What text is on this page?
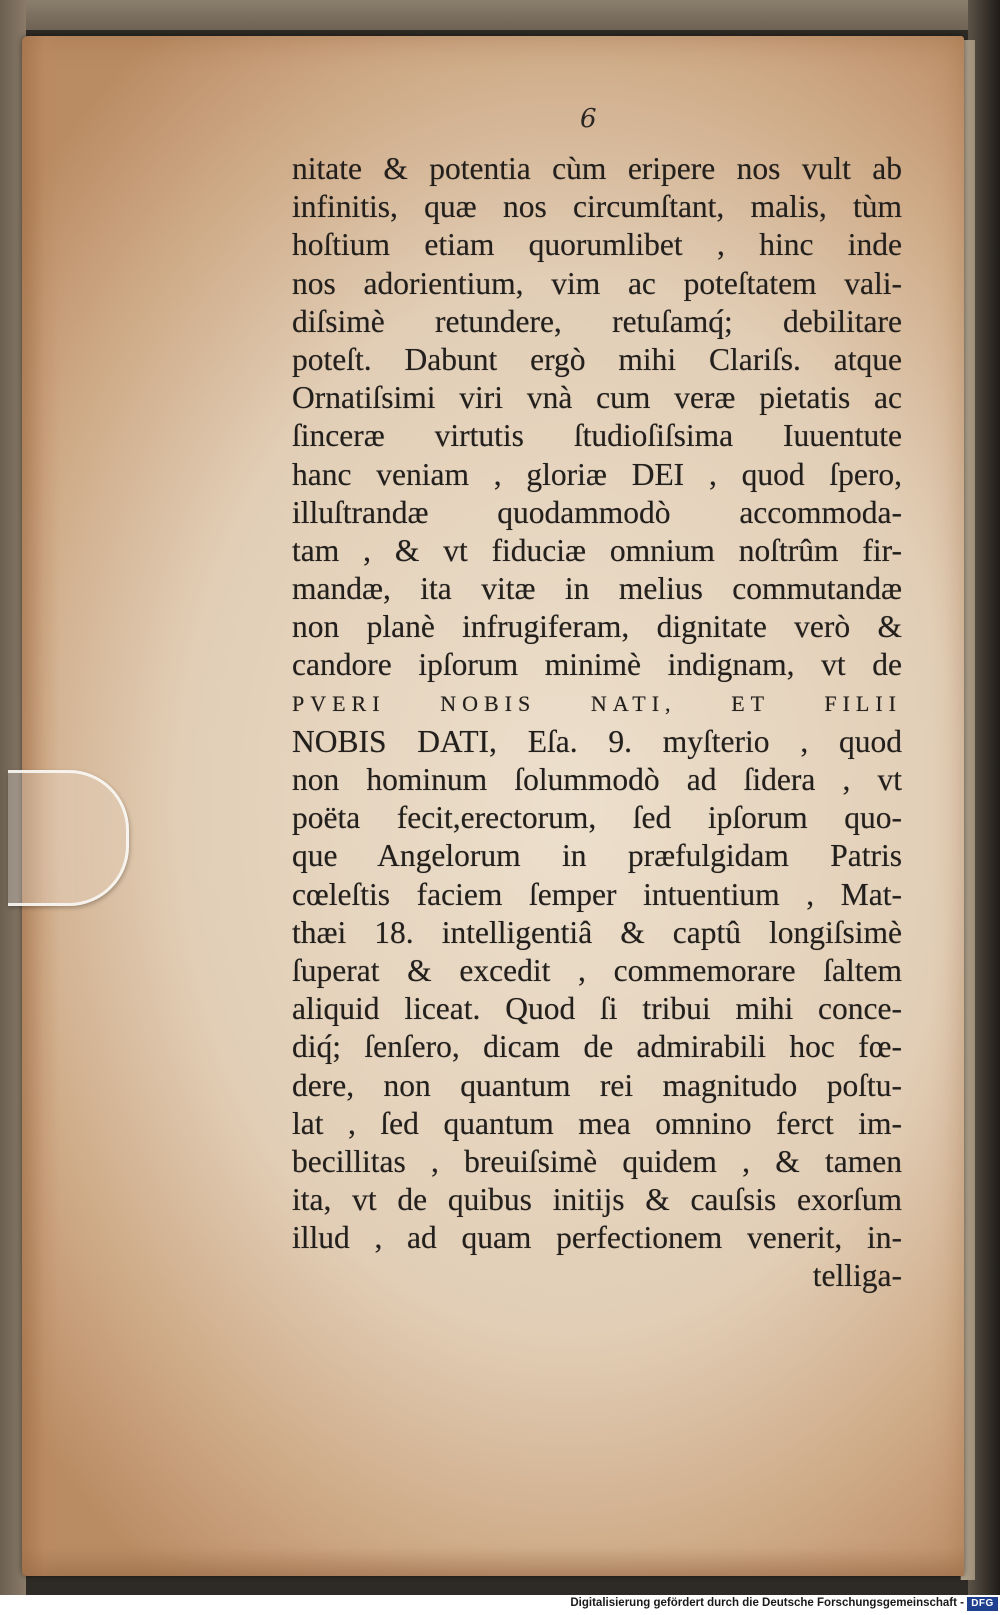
6
nitate & potentia cùm eripere nos vult ab
infinitis, quæ nos circumſtant, malis, tùm
hoſtium etiam quorumlibet , hinc inde
nos adorientium, vim ac poteſtatem vali-
diſsimè retundere, retuſamq́; debilitare
poteſt. Dabunt ergò mihi Clariſs. atque
Ornatiſsimi viri vnà cum veræ pietatis ac
ſinceræ virtutis ſtudioſiſsima Iuuentute
hanc veniam , gloriæ DEI , quod ſpero,
illuſtrandæ quodammodò accommoda-
tam , & vt fiduciæ omnium noſtrûm fir-
mandæ, ita vitæ in melius commutandæ
non planè infrugiferam, dignitate verò &
candore ipſorum minimè indignam, vt de
PVERI NOBIS NATI, ET FILII
NOBIS DATI, Eſa. 9. myſterio , quod
non hominum ſolummodò ad ſidera , vt
poëta fecit,erectorum, ſed ipſorum quo-
que Angelorum in præfulgidam Patris
cœleſtis faciem ſemper intuentium , Mat-
thæi 18. intelligentiâ & captû longiſsimè
ſuperat & excedit , commemorare ſaltem
aliquid liceat. Quod ſi tribui mihi conce-
diq́; ſenſero, dicam de admirabili hoc fœ-
dere, non quantum rei magnitudo poſtu-
lat , ſed quantum mea omnino ferct im-
becillitas , breuiſsimè quidem , & tamen
ita, vt de quibus initijs & cauſsis exorſum
illud , ad quam perfectionem venerit, in-
telliga-
Digitalisierung gefördert durch die Deutsche Forschungsgemeinschaft - DFG
